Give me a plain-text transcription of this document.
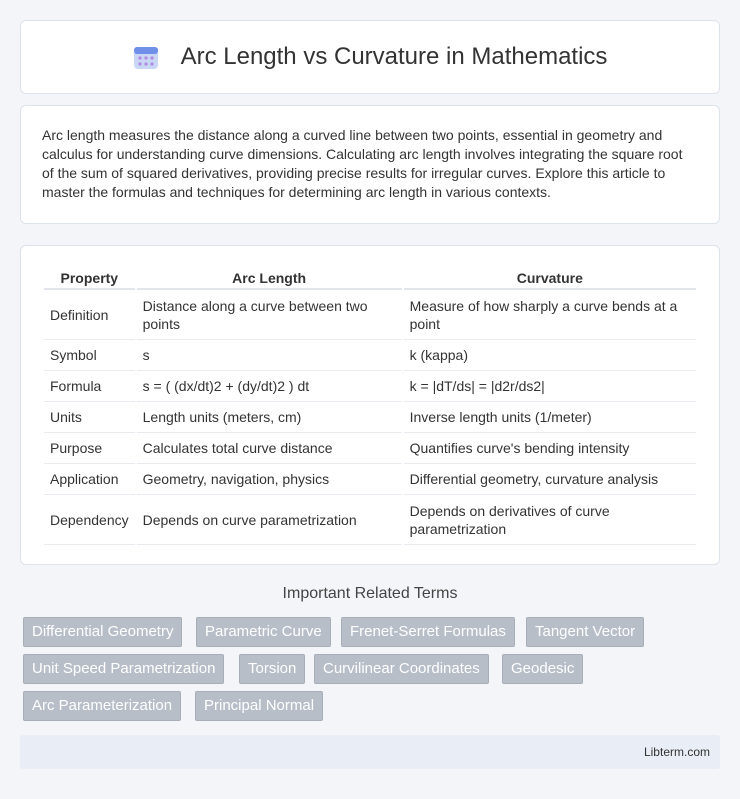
Arc Length vs Curvature in Mathematics

Arc length measures the distance along a curved line between two points, essential in geometry and calculus for understanding curve dimensions. Calculating arc length involves integrating the square root of the sum of squared derivatives, providing precise results for irregular curves. Explore this article to master the formulas and techniques for determining arc length in various contexts.

Property	Arc Length	Curvature
Definition	Distance along a curve between two points	Measure of how sharply a curve bends at a point
Symbol	s	k (kappa)
Formula	s = ( (dx/dt)2 + (dy/dt)2 ) dt	k = |dT/ds| = |d2r/ds2|
Units	Length units (meters, cm)	Inverse length units (1/meter)
Purpose	Calculates total curve distance	Quantifies curve's bending intensity
Application	Geometry, navigation, physics	Differential geometry, curvature analysis
Dependency	Depends on curve parametrization	Depends on derivatives of curve parametrization
Important Related Terms
Differential Geometry	Parametric Curve	Frenet-Serret Formulas	Tangent Vector
Unit Speed Parametrization	Torsion	Curvilinear Coordinates	Geodesic
Arc Parameterization	Principal Normal
Libterm.com
